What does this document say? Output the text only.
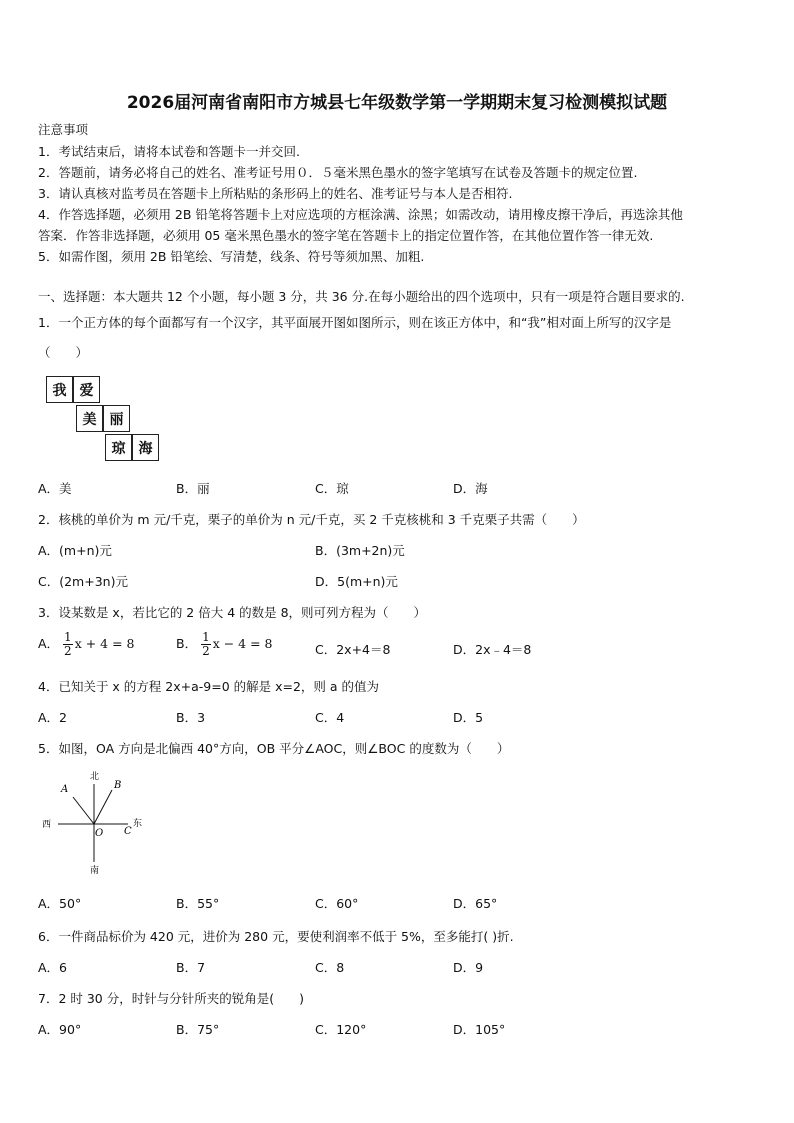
2026届河南省南阳市方城县七年级数学第一学期期末复习检测模拟试题
注意事项
1．考试结束后，请将本试卷和答题卡一并交回.
2．答题前，请务必将自己的姓名、准考证号用０．５毫米黑色墨水的签字笔填写在试卷及答题卡的规定位置.
3．请认真核对监考员在答题卡上所粘贴的条形码上的姓名、准考证号与本人是否相符.
4．作答选择题，必须用 2B 铅笔将答题卡上对应选项的方框涂满、涂黑；如需改动，请用橡皮擦干净后，再选涂其他
答案．作答非选择题，必须用 05 毫米黑色墨水的签字笔在答题卡上的指定位置作答，在其他位置作答一律无效.
5．如需作图，须用 2B 铅笔绘、写清楚，线条、符号等须加黑、加粗.
一、选择题：本大题共 12 个小题，每小题 3 分，共 36 分.在每小题给出的四个选项中，只有一项是符合题目要求的.
1．一个正方体的每个面都写有一个汉字，其平面展开图如图所示，则在该正方体中，和“我”相对面上所写的汉字是
（　　）
我 爱
美 丽
琼 海
A．美	B．丽	C．琼	D．海
2．核桃的单价为 m 元/千克，栗子的单价为 n 元/千克，买 2 千克核桃和 3 千克栗子共需（　　）
A．(m+n)元	B．(3m+2n)元
C．(2m+3n)元	D．5(m+n)元
3．设某数是 x，若比它的 2 倍大 4 的数是 8，则可列方程为（　　）
A． $\frac{1}{2}$ x + 4 = 8	B． $\frac{1}{2}$ x − 4 = 8	C．2x+4＝8	D．2x﹣4＝8
4．已知关于 x 的方程 2x+a-9=0 的解是 x=2，则 a 的值为
A．2	B．3	C．4	D．5
5．如图，OA 方向是北偏西 40°方向，OB 平分∠AOC，则∠BOC 的度数为（　　）
北
南
西	东
A	B
O C
A．50°	B．55°	C．60°	D．65°
6．一件商品标价为 420 元，进价为 280 元，要使利润率不低于 5%，至多能打( )折.
A．6	B．7	C．8	D．9
7．2 时 30 分，时针与分针所夹的锐角是(　　)
A．90°	B．75°	C．120°	D．105°
